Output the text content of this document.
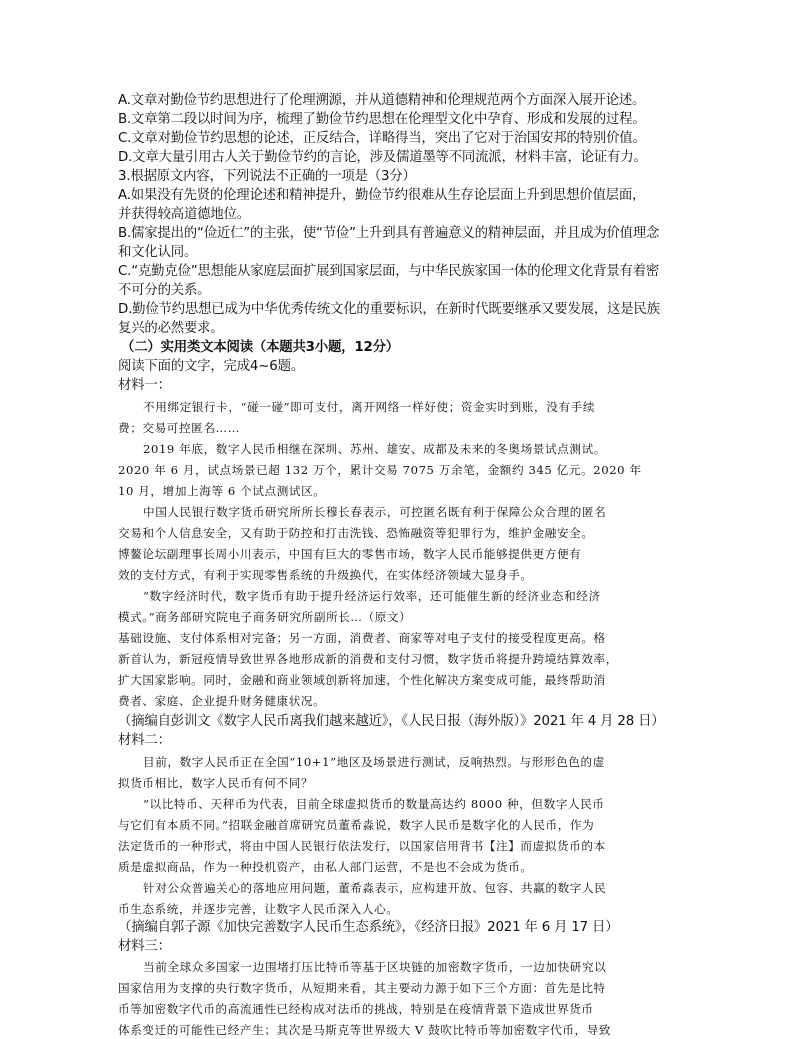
A.文章对勤俭节约思想进行了伦理溯源，并从道德精神和伦理规范两个方面深入展开论述。
B.文章第二段以时间为序，梳理了勤俭节约思想在伦理型文化中孕育、形成和发展的过程。
C.文章对勤俭节约思想的论述，正反结合，详略得当，突出了它对于治国安邦的特别价值。
D.文章大量引用古人关于勤俭节约的言论，涉及儒道墨等不同流派，材料丰富，论证有力。
3.根据原文内容，下列说法不正确的一项是（3分）
A.如果没有先贤的伦理论述和精神提升，勤俭节约很难从生存论层面上升到思想价值层面，
并获得较高道德地位。
B.儒家提出的“俭近仁”的主张，使“节俭”上升到具有普遍意义的精神层面，并且成为价值理念
和文化认同。
C.“克勤克俭”思想能从家庭层面扩展到国家层面，与中华民族家国一体的伦理文化背景有着密
不可分的关系。
D.勤俭节约思想已成为中华优秀传统文化的重要标识，在新时代既要继承又要发展，这是民族
复兴的必然要求。
（二）实用类文本阅读（本题共3小题，12分）
阅读下面的文字，完成4~6题。
材料一：
不用绑定银行卡，“碰一碰”即可支付，离开网络一样好使；资金实时到账，没有手续
费；交易可控匿名……
2019 年底，数字人民币相继在深圳、苏州、雄安、成都及未来的冬奥场景试点测试。
2020 年 6 月，试点场景已超 132 万个，累计交易 7075 万余笔，金额约 345 亿元。2020 年
10 月，增加上海等 6 个试点测试区。
中国人民银行数字货币研究所所长穆长春表示，可控匿名既有利于保障公众合理的匿名
交易和个人信息安全，又有助于防控和打击洗钱、恐怖融资等犯罪行为，维护金融安全。
博鳌论坛副理事长周小川表示，中国有巨大的零售市场，数字人民币能够提供更方便有
效的支付方式，有利于实现零售系统的升级换代，在实体经济领域大显身手。
“数字经济时代，数字货币有助于提升经济运行效率，还可能催生新的经济业态和经济
模式。”商务部研究院电子商务研究所副所长…（原文）
基础设施、支付体系相对完备；另一方面，消费者、商家等对电子支付的接受程度更高。格
新首认为，新冠疫情导致世界各地形成新的消费和支付习惯，数字货币将提升跨境结算效率，
扩大国家影响。同时，金融和商业领域创新将加速，个性化解决方案变成可能，最终帮助消
费者、家庭、企业提升财务健康状况。
（摘编自彭训文《数字人民币离我们越来越近》，《人民日报（海外版）》2021 年 4 月 28 日）
材料二：
目前，数字人民币正在全国“10+1”地区及场景进行测试，反响热烈。与形形色色的虚
拟货币相比，数字人民币有何不同？
“以比特币、天秤币为代表，目前全球虚拟货币的数量高达约 8000 种，但数字人民币
与它们有本质不同。”招联金融首席研究员董希淼说，数字人民币是数字化的人民币，作为
法定货币的一种形式，将由中国人民银行依法发行，以国家信用背书【注】而虚拟货币的本
质是虚拟商品，作为一种投机资产，由私人部门运营，不是也不会成为货币。
针对公众普遍关心的落地应用问题，董希淼表示，应构建开放、包容、共赢的数字人民
币生态系统，并逐步完善，让数字人民币深入人心。
（摘编自郭子源《加快完善数字人民币生态系统》，《经济日报》2021 年 6 月 17 日）
材料三：
当前全球众多国家一边围堵打压比特币等基于区块链的加密数字货币，一边加快研究以
国家信用为支撑的央行数字货币，从短期来看，其主要动力源于如下三个方面：首先是比特
币等加密数字代币的高流通性已经构成对法币的挑战，特别是在疫情背景下造成世界货币
体系变迁的可能性已经产生；其次是马斯克等世界级大 V 鼓吹比特币等加密数字代币，导致
